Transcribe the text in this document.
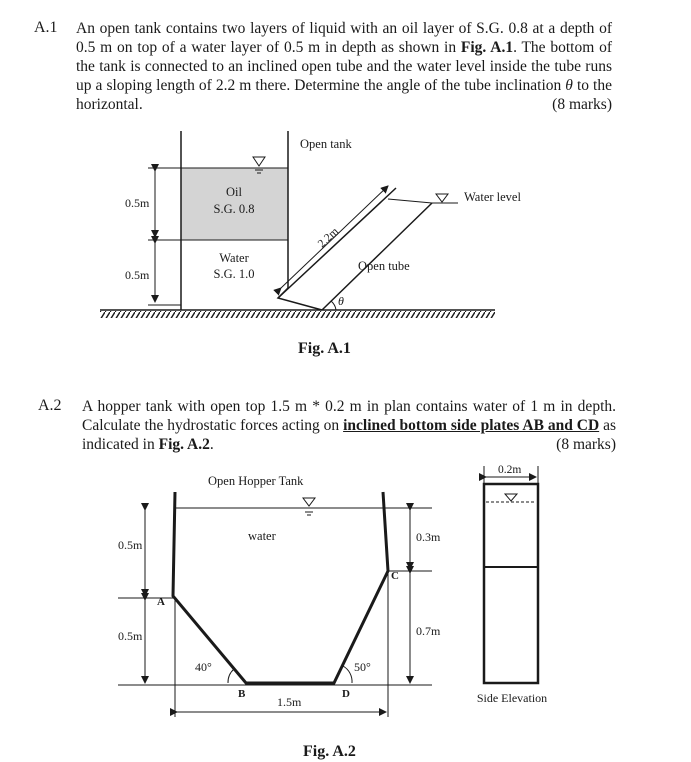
A.1 An open tank contains two layers of liquid with an oil layer of S.G. 0.8 at a depth of 0.5 m on top of a water layer of 0.5 m in depth as shown in Fig. A.1. The bottom of the tank is connected to an inclined open tube and the water level inside the tube runs up a sloping length of 2.2 m there. Determine the angle of the tube inclination θ to the horizontal.	(8 marks)
A.2 A hopper tank with open top 1.5 m * 0.2 m in plan contains water of 1 m in depth. Calculate the hydrostatic forces acting on inclined bottom side plates AB and CD as indicated in Fig. A.2.	(8 marks)
0.5m
0.5m
Open tank
Oil
S.G. 0.8
Water
S.G. 1.0
2.2m
Open tube
Water level
θ
Fig. A.1
Open Hopper Tank
water
0.5m
0.5m
0.3m
0.7m
A
B
C
D
40°	50°
1.5m
0.2m
Side Elevation
Fig. A.2
